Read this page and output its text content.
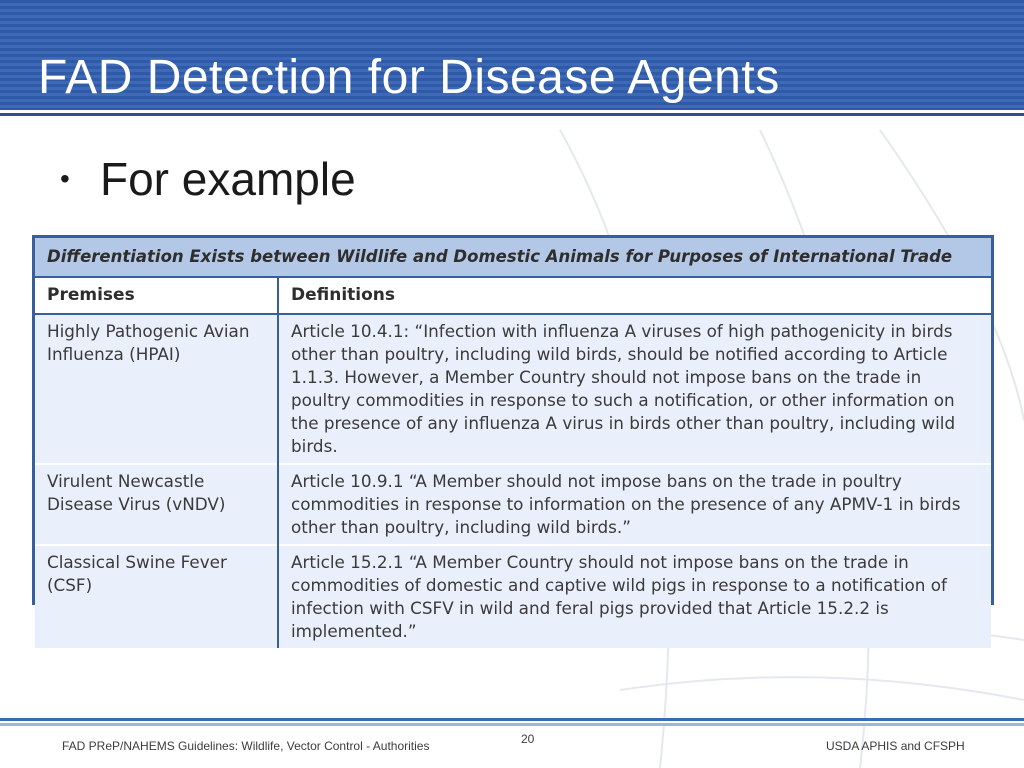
FAD Detection for Disease Agents
• For example
Differentiation Exists between Wildlife and Domestic Animals for Purposes of International Trade	
Premises	Definitions
Highly Pathogenic Avian Influenza (HPAI)	Article 10.4.1: “Infection with influenza A viruses of high pathogenicity in birds other than poultry, including wild birds, should be notified according to Article 1.1.3. However, a Member Country should not impose bans on the trade in poultry commodities in response to such a notification, or other information on the presence of any influenza A virus in birds other than poultry, including wild birds.
Virulent Newcastle Disease Virus (vNDV)	Article 10.9.1 “A Member should not impose bans on the trade in poultry commodities in response to information on the presence of any APMV-1 in birds other than poultry, including wild birds.”
Classical Swine Fever (CSF)	Article 15.2.1 “A Member Country should not impose bans on the trade in commodities of domestic and captive wild pigs in response to a notification of infection with CSFV in wild and feral pigs provided that Article 15.2.2 is implemented.”
FAD PReP/NAHEMS Guidelines: Wildlife, Vector Control - Authorities	20	USDA APHIS and CFSPH
